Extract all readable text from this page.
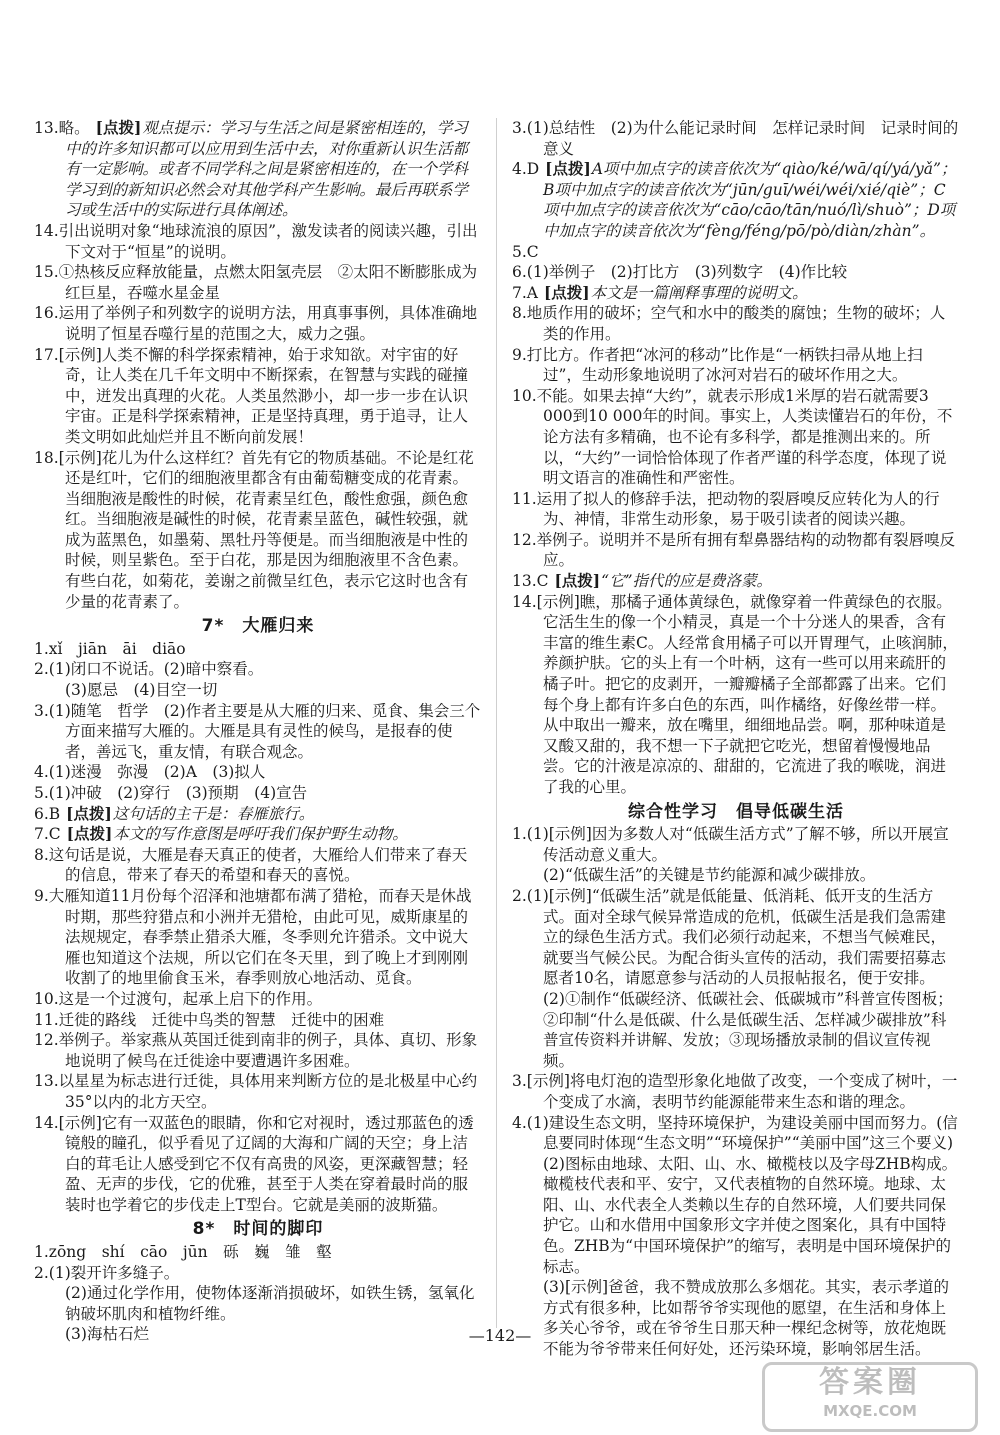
13.略。 [点拨]观点提示：学习与生活之间是紧密相连的，学习中的许多知识都可以应用到生活中去，对你重新认识生活都有一定影响。或者不同学科之间是紧密相连的，在一个学科学习到的新知识必然会对其他学科产生影响。最后再联系学习或生活中的实际进行具体阐述。

14.引出说明对象“地球流浪的原因”，激发读者的阅读兴趣，引出下文对于“恒星”的说明。

15.①热核反应释放能量，点燃太阳氢壳层　②太阳不断膨胀成为红巨星，吞噬水星金星

16.运用了举例子和列数字的说明方法，用真事事例，具体准确地说明了恒星吞噬行星的范围之大，威力之强。

17.[示例]人类不懈的科学探索精神，始于求知欲。对宇宙的好奇，让人类在几千年文明中不断探索，在智慧与实践的碰撞中，迸发出真理的火花。人类虽然渺小，却一步一步在认识宇宙。正是科学探索精神，正是坚持真理，勇于追寻，让人类文明如此灿烂并且不断向前发展！

18.[示例]花儿为什么这样红？首先有它的物质基础。不论是红花还是红叶，它们的细胞液里都含有由葡萄糖变成的花青素。当细胞液是酸性的时候，花青素呈红色，酸性愈强，颜色愈红。当细胞液是碱性的时候，花青素呈蓝色，碱性较强，就成为蓝黑色，如墨菊、黑牡丹等便是。而当细胞液是中性的时候，则呈紫色。至于白花，那是因为细胞液里不含色素。有些白花，如菊花，姜谢之前微呈红色，表示它这时也含有少量的花青素了。

7*　大雁归来

1.xǐ　jiān　āi　diāo

2.(1)闭口不说话。(2)暗中察看。

(3)愿忌　(4)目空一切

3.(1)随笔　哲学　(2)作者主要是从大雁的归来、觅食、集会三个方面来描写大雁的。大雁是具有灵性的候鸟，是报春的使者，善远飞，重友情，有联合观念。

4.(1)迷漫　弥漫　(2)A　(3)拟人

5.(1)冲破　(2)穿行　(3)预期　(4)宣告

6.B [点拨]这句话的主干是：春雁旅行。

7.C [点拨]本文的写作意图是呼吁我们保护野生动物。

8.这句话是说，大雁是春天真正的使者，大雁给人们带来了春天的信息，带来了春天的希望和春天的喜悦。

9.大雁知道11月份每个沼泽和池塘都布满了猎枪，而春天是休战时期，那些狩猎点和小洲并无猎枪，由此可见，威斯康星的法规规定，春季禁止猎杀大雁，冬季则允许猎杀。文中说大雁也知道这个法规，所以它们在冬天里，到了晚上才到刚刚收割了的地里偷食玉米，春季则放心地活动、觅食。

10.这是一个过渡句，起承上启下的作用。

11.迁徙的路线　迁徙中鸟类的智慧　迁徙中的困难

12.举例子。举家燕从英国迁徙到南非的例子，具体、真切、形象地说明了候鸟在迁徙途中要遭遇许多困难。

13.以星星为标志进行迁徙，具体用来判断方位的是北极星中心约35°以内的北方天空。

14.[示例]它有一双蓝色的眼睛，你和它对视时，透过那蓝色的透镜般的瞳孔，似乎看见了辽阔的大海和广阔的天空；身上洁白的茸毛让人感受到它不仅有高贵的风姿，更深藏智慧；轻盈、无声的步伐，它的优雅，甚至于人类在穿着最时尚的服装时也学着它的步伐走上T型台。它就是美丽的波斯猫。

8*　时间的脚印

1.zōng　shí　cāo　jūn　砾　巍　雏　壑

2.(1)裂开许多缝子。

(2)通过化学作用，使物体逐渐消损破坏，如铁生锈，氢氧化钠破坏肌肉和植物纤维。

(3)海枯石烂

3.(1)总结性　(2)为什么能记录时间　怎样记录时间　记录时间的意义

4.D [点拨]A项中加点字的读音依次为“qiào/ké/wā/qí/yá/yǎ”；B项中加点字的读音依次为“jūn/guī/wéi/wéi/xié/qiè”；C项中加点字的读音依次为“cāo/cāo/tān/nuó/lì/shuò”；D项中加点字的读音依次为“fèng/féng/pō/pò/diàn/zhàn”。

5.C

6.(1)举例子　(2)打比方　(3)列数字　(4)作比较

7.A [点拨]本文是一篇阐释事理的说明文。

8.地质作用的破坏；空气和水中的酸类的腐蚀；生物的破坏；人类的作用。

9.打比方。作者把“冰河的移动”比作是“一柄铁扫帚从地上扫过”，生动形象地说明了冰河对岩石的破坏作用之大。

10.不能。如果去掉“大约”，就表示形成1米厚的岩石就需要3 000到10 000年的时间。事实上，人类读懂岩石的年份，不论方法有多精确，也不论有多科学，都是推测出来的。所以，“大约”一词恰恰体现了作者严谨的科学态度，体现了说明文语言的准确性和严密性。

11.运用了拟人的修辞手法，把动物的裂唇嗅反应转化为人的行为、神情，非常生动形象，易于吸引读者的阅读兴趣。

12.举例子。说明并不是所有拥有犁鼻器结构的动物都有裂唇嗅反应。

13.C [点拨]“它”指代的应是费洛蒙。

14.[示例]瞧，那橘子通体黄绿色，就像穿着一件黄绿色的衣服。它活生生的像一个小精灵，真是一个十分迷人的果香，含有丰富的维生素C。人经常食用橘子可以开胃理气，止咳润肺，养颜护肤。它的头上有一个叶柄，这有一些可以用来疏肝的橘子叶。把它的皮剥开，一瓣瓣橘子全部都露了出来。它们每个身上都有许多白色的东西，叫作橘络，好像丝带一样。从中取出一瓣来，放在嘴里，细细地品尝。啊，那种味道是又酸又甜的，我不想一下子就把它吃光，想留着慢慢地品尝。它的汁液是凉凉的、甜甜的，它流进了我的喉咙，润进了我的心里。

综合性学习　倡导低碳生活

1.(1)[示例]因为多数人对“低碳生活方式”了解不够，所以开展宣传活动意义重大。

(2)“低碳生活”的关键是节约能源和减少碳排放。

2.(1)[示例]“低碳生活”就是低能量、低消耗、低开支的生活方式。面对全球气候异常造成的危机，低碳生活是我们急需建立的绿色生活方式。我们必须行动起来，不想当气候难民，就要当气候公民。为配合街头宣传的活动，我们需要招募志愿者10名，请愿意参与活动的人员报帖报名，便于安排。

(2)①制作“低碳经济、低碳社会、低碳城市”科普宣传图板；②印制“什么是低碳、什么是低碳生活、怎样减少碳排放”科普宣传资料并讲解、发放；③现场播放录制的倡议宣传视频。

3.[示例]将电灯泡的造型形象化地做了改变，一个变成了树叶，一个变成了水滴，表明节约能源能带来生态和谐的理念。

4.(1)建设生态文明，坚持环境保护，为建设美丽中国而努力。(信息要同时体现“生态文明”“环境保护”“美丽中国”这三个要义)

(2)图标由地球、太阳、山、水、橄榄枝以及字母ZHB构成。橄榄枝代表和平、安宁，又代表植物的自然环境。地球、太阳、山、水代表全人类赖以生存的自然环境，人们要共同保护它。山和水借用中国象形文字并使之图案化，具有中国特色。ZHB为“中国环境保护”的缩写，表明是中国环境保护的标志。

(3)[示例]爸爸，我不赞成放那么多烟花。其实，表示孝道的方式有很多种，比如帮爷爷实现他的愿望，在生活和身体上多关心爷爷，或在爷爷生日那天种一棵纪念树等，放花炮既不能为爷爷带来任何好处，还污染环境，影响邻居生活。

—142—
答案圈
MXQE.COM
